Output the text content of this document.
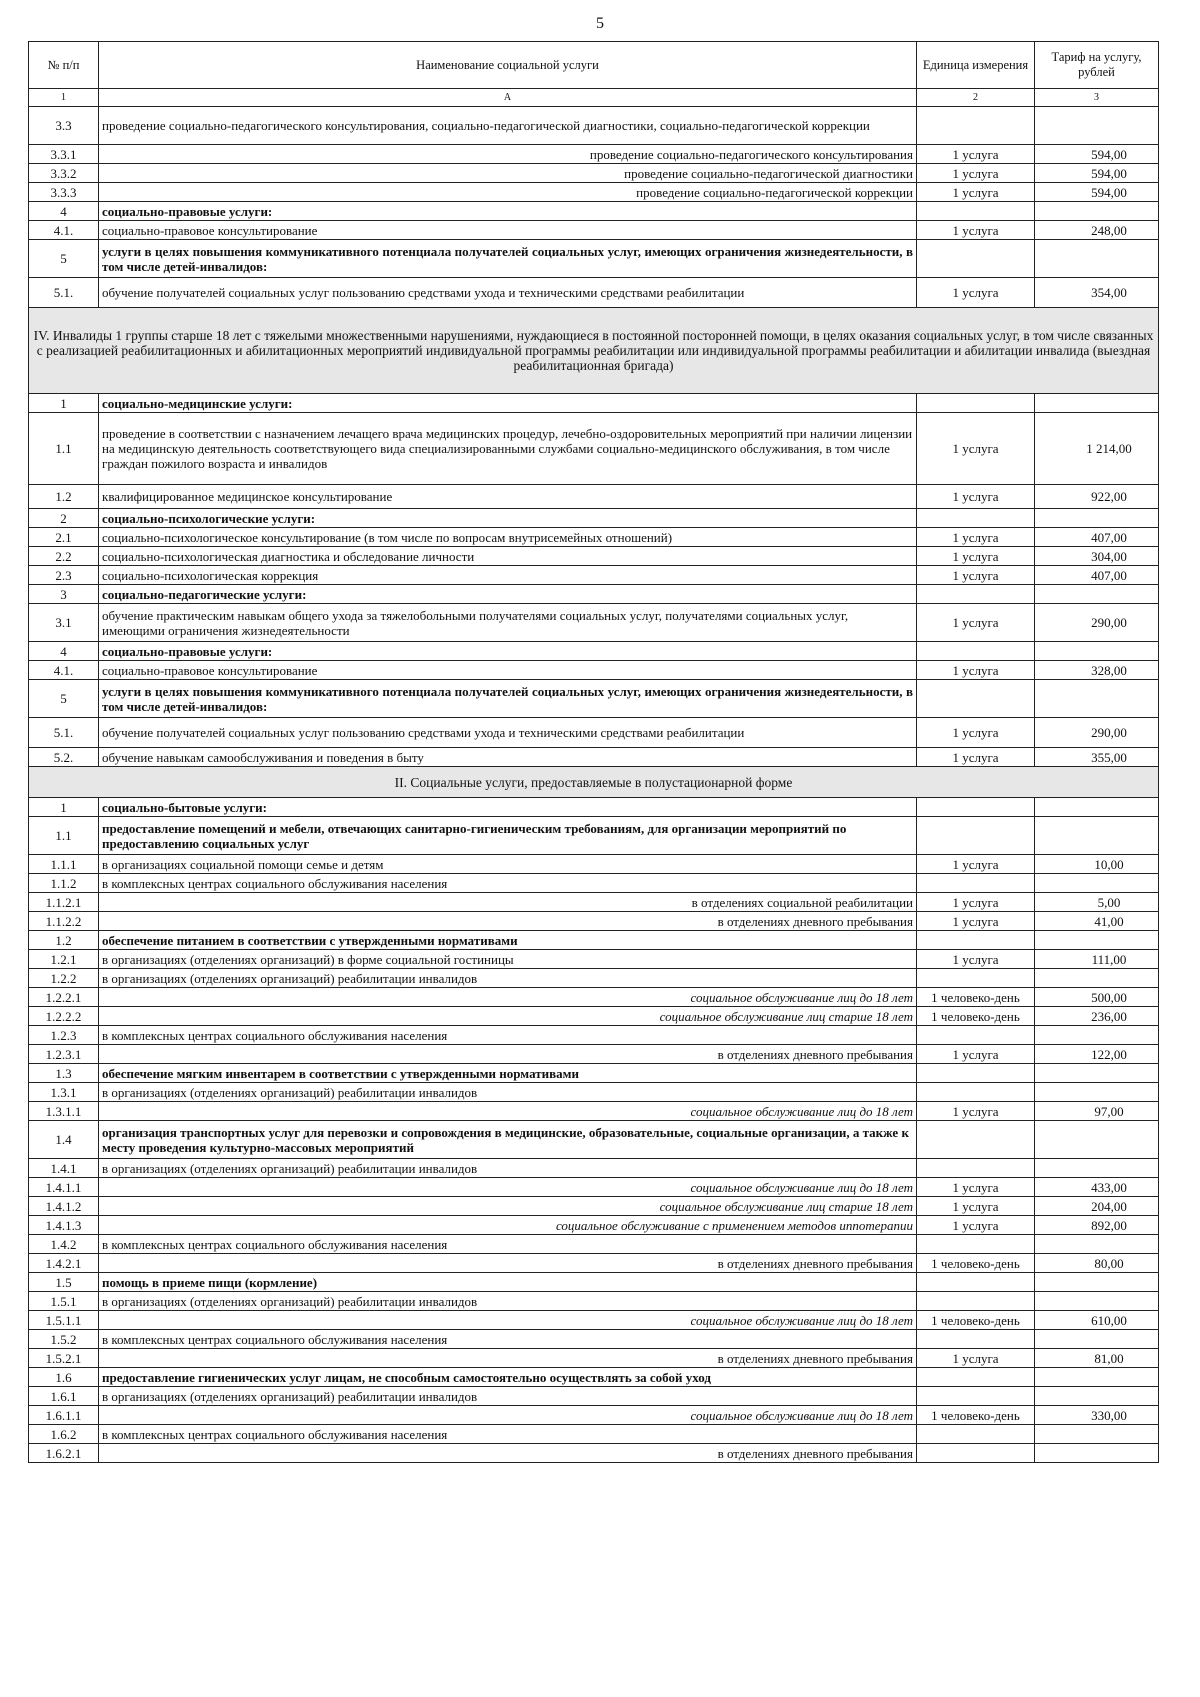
5
№ п/п	Наименование социальной услуги	Единица измерения	Тариф на услугу, рублей
1	А	2	3
3.3	проведение социально-педагогического консультирования, социально-педагогической диагностики, социально-педагогической коррекции		
3.3.1	проведение социально-педагогического консультирования	1 услуга	594,00
3.3.2	проведение социально-педагогической диагностики	1 услуга	594,00
3.3.3	проведение социально-педагогической коррекции	1 услуга	594,00
4	социально-правовые услуги:		
4.1.	социально-правовое консультирование	1 услуга	248,00
5	услуги в целях повышения коммуникативного потенциала получателей социальных услуг, имеющих ограничения жизнедеятельности, в том числе детей-инвалидов:		
5.1.	обучение получателей социальных услуг пользованию средствами ухода и техническими средствами реабилитации	1 услуга	354,00
IV. Инвалиды 1 группы старше 18 лет с тяжелыми множественными нарушениями, нуждающиеся в постоянной посторонней помощи, в целях оказания социальных услуг, в том числе связанных с реализацией реабилитационных и абилитационных мероприятий индивидуальной программы реабилитации или индивидуальной программы реабилитации и абилитации инвалида (выездная реабилитационная бригада)			
1	социально-медицинские услуги:		
1.1	проведение в соответствии с назначением лечащего врача медицинских процедур, лечебно-оздоровительных мероприятий при наличии лицензии на медицинскую деятельность соответствующего вида специализированными службами социально-медицинского обслуживания, в том числе граждан пожилого возраста и инвалидов	1 услуга	1 214,00
1.2	квалифицированное медицинское консультирование	1 услуга	922,00
2	социально-психологические услуги:		
2.1	социально-психологическое консультирование (в том числе по вопросам внутрисемейных отношений)	1 услуга	407,00
2.2	социально-психологическая диагностика и обследование личности	1 услуга	304,00
2.3	социально-психологическая коррекция	1 услуга	407,00
3	социально-педагогические услуги:		
3.1	обучение практическим навыкам общего ухода за тяжелобольными получателями социальных услуг, получателями социальных услуг, имеющими ограничения жизнедеятельности	1 услуга	290,00
4	социально-правовые услуги:		
4.1.	социально-правовое консультирование	1 услуга	328,00
5	услуги в целях повышения коммуникативного потенциала получателей социальных услуг, имеющих ограничения жизнедеятельности, в том числе детей-инвалидов:		
5.1.	обучение получателей социальных услуг пользованию средствами ухода и техническими средствами реабилитации	1 услуга	290,00
5.2.	обучение навыкам самообслуживания и поведения в быту	1 услуга	355,00
II. Социальные услуги, предоставляемые в полустационарной форме			
1	социально-бытовые услуги:		
1.1	предоставление помещений и мебели, отвечающих санитарно-гигиеническим требованиям, для организации мероприятий по предоставлению социальных услуг		
1.1.1	в организациях социальной помощи семье и детям	1 услуга	10,00
1.1.2	в комплексных центрах социального обслуживания населения		
1.1.2.1	в отделениях социальной реабилитации	1 услуга	5,00
1.1.2.2	в отделениях дневного пребывания	1 услуга	41,00
1.2	обеспечение питанием в соответствии с утвержденными нормативами		
1.2.1	в организациях (отделениях организаций) в форме социальной гостиницы	1 услуга	111,00
1.2.2	в организациях (отделениях организаций) реабилитации инвалидов		
1.2.2.1	социальное обслуживание лиц до 18 лет	1 человеко-день	500,00
1.2.2.2	социальное обслуживание лиц старше 18 лет	1 человеко-день	236,00
1.2.3	в комплексных центрах социального обслуживания населения		
1.2.3.1	в отделениях дневного пребывания	1 услуга	122,00
1.3	обеспечение мягким инвентарем в соответствии с утвержденными нормативами		
1.3.1	в организациях (отделениях организаций) реабилитации инвалидов		
1.3.1.1	социальное обслуживание лиц до 18 лет	1 услуга	97,00
1.4	организация транспортных услуг для перевозки и сопровождения в медицинские, образовательные, социальные организации, а также к месту проведения культурно-массовых мероприятий		
1.4.1	в организациях (отделениях организаций) реабилитации инвалидов		
1.4.1.1	социальное обслуживание лиц до 18 лет	1 услуга	433,00
1.4.1.2	социальное обслуживание лиц старше 18 лет	1 услуга	204,00
1.4.1.3	социальное обслуживание с применением методов иппотерапии	1 услуга	892,00
1.4.2	в комплексных центрах социального обслуживания населения		
1.4.2.1	в отделениях дневного пребывания	1 человеко-день	80,00
1.5	помощь в приеме пищи (кормление)		
1.5.1	в организациях (отделениях организаций) реабилитации инвалидов		
1.5.1.1	социальное обслуживание лиц до 18 лет	1 человеко-день	610,00
1.5.2	в комплексных центрах социального обслуживания населения		
1.5.2.1	в отделениях дневного пребывания	1 услуга	81,00
1.6	предоставление гигиенических услуг лицам, не способным самостоятельно осуществлять за собой уход		
1.6.1	в организациях (отделениях организаций) реабилитации инвалидов		
1.6.1.1	социальное обслуживание лиц до 18 лет	1 человеко-день	330,00
1.6.2	в комплексных центрах социального обслуживания населения		
1.6.2.1	в отделениях дневного пребывания		
